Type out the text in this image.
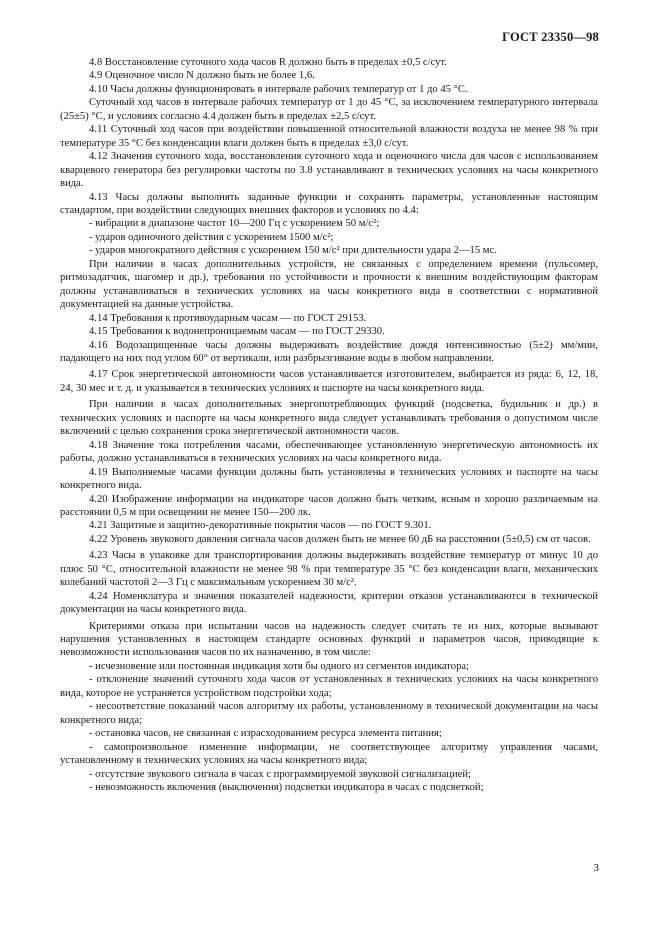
ГОСТ 23350—98

4.8 Восстановление суточного хода часов R должно быть в пределах ±0,5 с/сут.

4.9 Оценочное число N должно быть не более 1,6.

4.10 Часы должны функционировать в интервале рабочих температур от 1 до 45 °С.

Суточный ход часов в интервале рабочих температур от 1 до 45 °С, за исключением температурного интервала (25±5) °С, и условиях согласно 4.4 должен быть в пределах ±2,5 с/сут.

4.11 Суточный ход часов при воздействии повышенной относительной влажности воздуха не менее 98 % при температуре 35 °С без конденсации влаги должен быть в пределах ±3,0 с/сут.

4.12 Значения суточного хода, восстановления суточного хода и оценочного числа для часов с использованием кварцевого генератора без регулировки частоты по 3.8 устанавливают в технических условиях на часы конкретного вида.

4.13 Часы должны выполнять заданные функции и сохранять параметры, установленные настоящим стандартом, при воздействии следующих внешних факторов и условиях по 4.4:

- вибрации в диапазоне частот 10—200 Гц с ускорением 50 м/с²;

- ударов одиночного действия с ускорением 1500 м/с²;

- ударов многократного действия с ускорением 150 м/с² при длительности удара 2—15 мс.

При наличии в часах дополнительных устройств, не связанных с определением времени (пульсомер, ритмозадатчик, шагомер и др.), требования по устойчивости и прочности к внешним воздействующим факторам должны устанавливаться в технических условиях на часы конкретного вида в соответствии с нормативной документацией на данные устройства.

4.14 Требования к противоударным часам — по ГОСТ 29153.

4.15 Требования к водонепроницаемым часам — по ГОСТ 29330.

4.16 Водозащищенные часы должны выдерживать воздействие дождя интенсивностью (5±2) мм/мин, падающего на них под углом 60° от вертикали, или разбрызгивание воды в любом направлении.

4.17 Срок энергетической автономности часов устанавливается изготовителем, выбирается из ряда: 6, 12, 18, 24, 30 мес и т. д. и указывается в технических условиях и паспорте на часы конкретного вида.

При наличии в часах дополнительных энергопотребляющих функций (подсветка, будильник и др.) в технических условиях и паспорте на часы конкретного вида следует устанавливать требования о допустимом числе включений с целью сохранения срока энергетической автономности часов.

4.18 Значение тока потребления часами, обеспечивающее установленную энергетическую автономность их работы, должно устанавливаться в технических условиях на часы конкретного вида.

4.19 Выполняемые часами функции должны быть установлены в технических условиях и паспорте на часы конкретного вида.

4.20 Изображение информации на индикаторе часов должно быть четким, ясным и хорошо различаемым на расстоянии 0,5 м при освещении не менее 150—200 лк.

4.21 Защитные и защитно-декоративные покрытия часов — по ГОСТ 9.301.

4.22 Уровень звукового давления сигнала часов должен быть не менее 60 дБ на расстоянии (5±0,5) см от часов.

4.23 Часы в упаковке для транспортирования должны выдерживать воздействие температур от минус 10 до плюс 50 °С, относительной влажности не менее 98 % при температуре 35 °С без конденсации влаги, механических колебаний частотой 2—3 Гц с максимальным ускорением 30 м/с².

4.24 Номенклатура и значения показателей надежности, критерии отказов устанавливаются в технической документации на часы конкретного вида.

Критериями отказа при испытании часов на надежность следует считать те из них, которые вызывают нарушения установленных в настоящем стандарте основных функций и параметров часов, приводящие к невозможности использования часов по их назначению, в том числе:

- исчезновение или постоянная индикация хотя бы одного из сегментов индикатора;

- отклонение значений суточного хода часов от установленных в технических условиях на часы конкретного вида, которое не устраняется устройством подстройки хода;

- несоответствие показаний часов алгоритму их работы, установленному в технической документации на часы конкретного вида;

- остановка часов, не связанная с израсходованием ресурса элемента питания;

- самопроизвольное изменение информации, не соответствующее алгоритму управления часами, установленному в технических условиях на часы конкретного вида;

- отсутствие звукового сигнала в часах с программируемой звуковой сигнализацией;

- невозможность включения (выключения) подсветки индикатора в часах с подсветкой;

3
